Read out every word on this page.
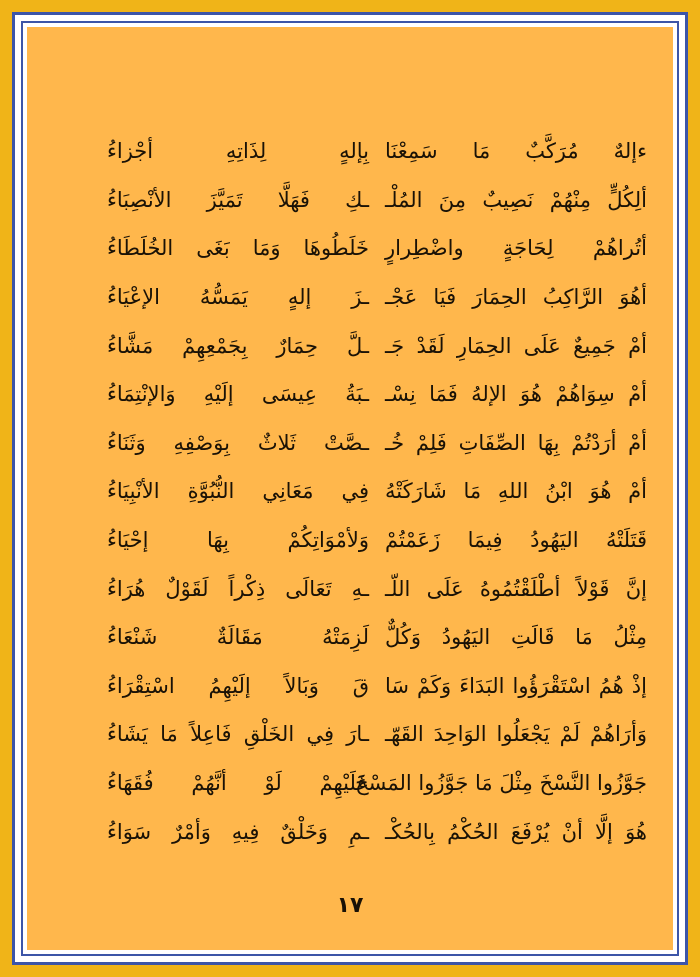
ءإلهٌ مُرَكَّبٌ مَا سَمِعْنَا
بِإلهٍ لِذَاتِهِ أجْزاءُ
ألِكُلٍّ مِنْهُمْ نَصِيبٌ مِنَ المُلْـ
ـكِ فَهَلَّا تَمَيَّزَ الأنْصِبَاءُ
أتُراهُمْ لِحَاجَةٍ واضْطِرارٍ
خَلَطُوهَا وَمَا بَغَى الخُلَطَاءُ
أهُوَ الرَّاكِبُ الحِمَارَ فَيَا عَجْـ
ـزَ إلهٍ يَمَسُّهُ الإعْيَاءُ
أمْ جَمِيعٌ عَلَى الحِمَارِ لَقَدْ جَـ
ـلَّ حِمَارٌ بِجَمْعِهِمْ مَشَّاءُ
أمْ سِوَاهُمْ هُوَ الإلهُ فَمَا نِسْـ
ـبَةُ عِيسَى إلَيْهِ وَالإنْتِمَاءُ
أمْ أرَدْتُمْ بِهَا الصِّفَاتِ فَلِمْ خُـ
ـصَّتْ ثَلاثٌ بِوَصْفِهِ وَثَنَاءُ
أمْ هُوَ ابْنُ اللهِ مَا شَارَكَتْهُ
فِي مَعَانِي النُّبُوَّةِ الأنْبِيَاءُ
قَتَلَتْهُ اليَهُودُ فِيمَا زَعَمْتُمْ
وَلأمْوَاتِكُمْ بِهَا إحْيَاءُ
إنَّ قَوْلاً أطْلَقْتُمُوهُ عَلَى اللّـ
ـهِ تَعَالَى ذِكْراً لَقَوْلٌ هُرَاءُ
مِثْلُ مَا قَالَتِ اليَهُودُ وَكُلٌّ
لَزِمَتْهُ مَقَالَةٌ شَنْعَاءُ
إذْ هُمُ اسْتَقْرَؤُوا البَدَاءَ وَكَمْ سَا
قَ وَبَالاً إلَيْهِمُ اسْتِقْرَاءُ
وَأرَاهُمْ لَمْ يَجْعَلُوا الوَاحِدَ القَهّـ
ـارَ فِي الخَلْقِ فَاعِلاً مَا يَشَاءُ
جَوَّزُوا النَّسْخَ مِثْلَ مَا جَوَّزُوا المَسْخَ
عَلَيْهِمْ لَوْ أنَّهُمْ فُقَهَاءُ
هُوَ إلَّا أنْ يُرْفَعَ الحُكْمُ بِالحُكْـ
ـمِ وَخَلْقٌ فِيهِ وَأمْرٌ سَوَاءُ
١٧
